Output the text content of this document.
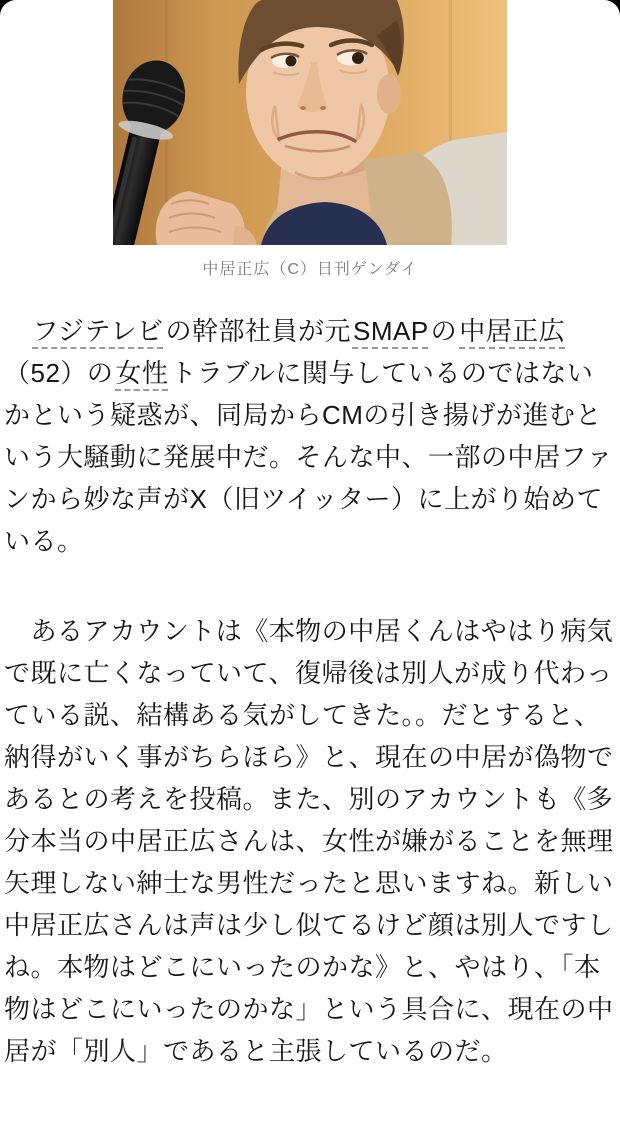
中居正広（C）日刊ゲンダイ

　フジテレビの幹部社員が元SMAPの中居正広（52）の女性トラブルに関与しているのではないかという疑惑が、同局からCMの引き揚げが進むという大騒動に発展中だ。そんな中、一部の中居ファンから妙な声がX（旧ツイッター）に上がり始めている。

　あるアカウントは《本物の中居くんはやはり病気で既に亡くなっていて、復帰後は別人が成り代わっている説、結構ある気がしてきた。。だとすると、納得がいく事がちらほら》と、現在の中居が偽物であるとの考えを投稿。また、別のアカウントも《多分本当の中居正広さんは、女性が嫌がることを無理矢理しない紳士な男性だったと思いますね。新しい中居正広さんは声は少し似てるけど顔は別人ですしね。本物はどこにいったのかな》と、やはり、「本物はどこにいったのかな」という具合に、現在の中居が「別人」であると主張しているのだ。
